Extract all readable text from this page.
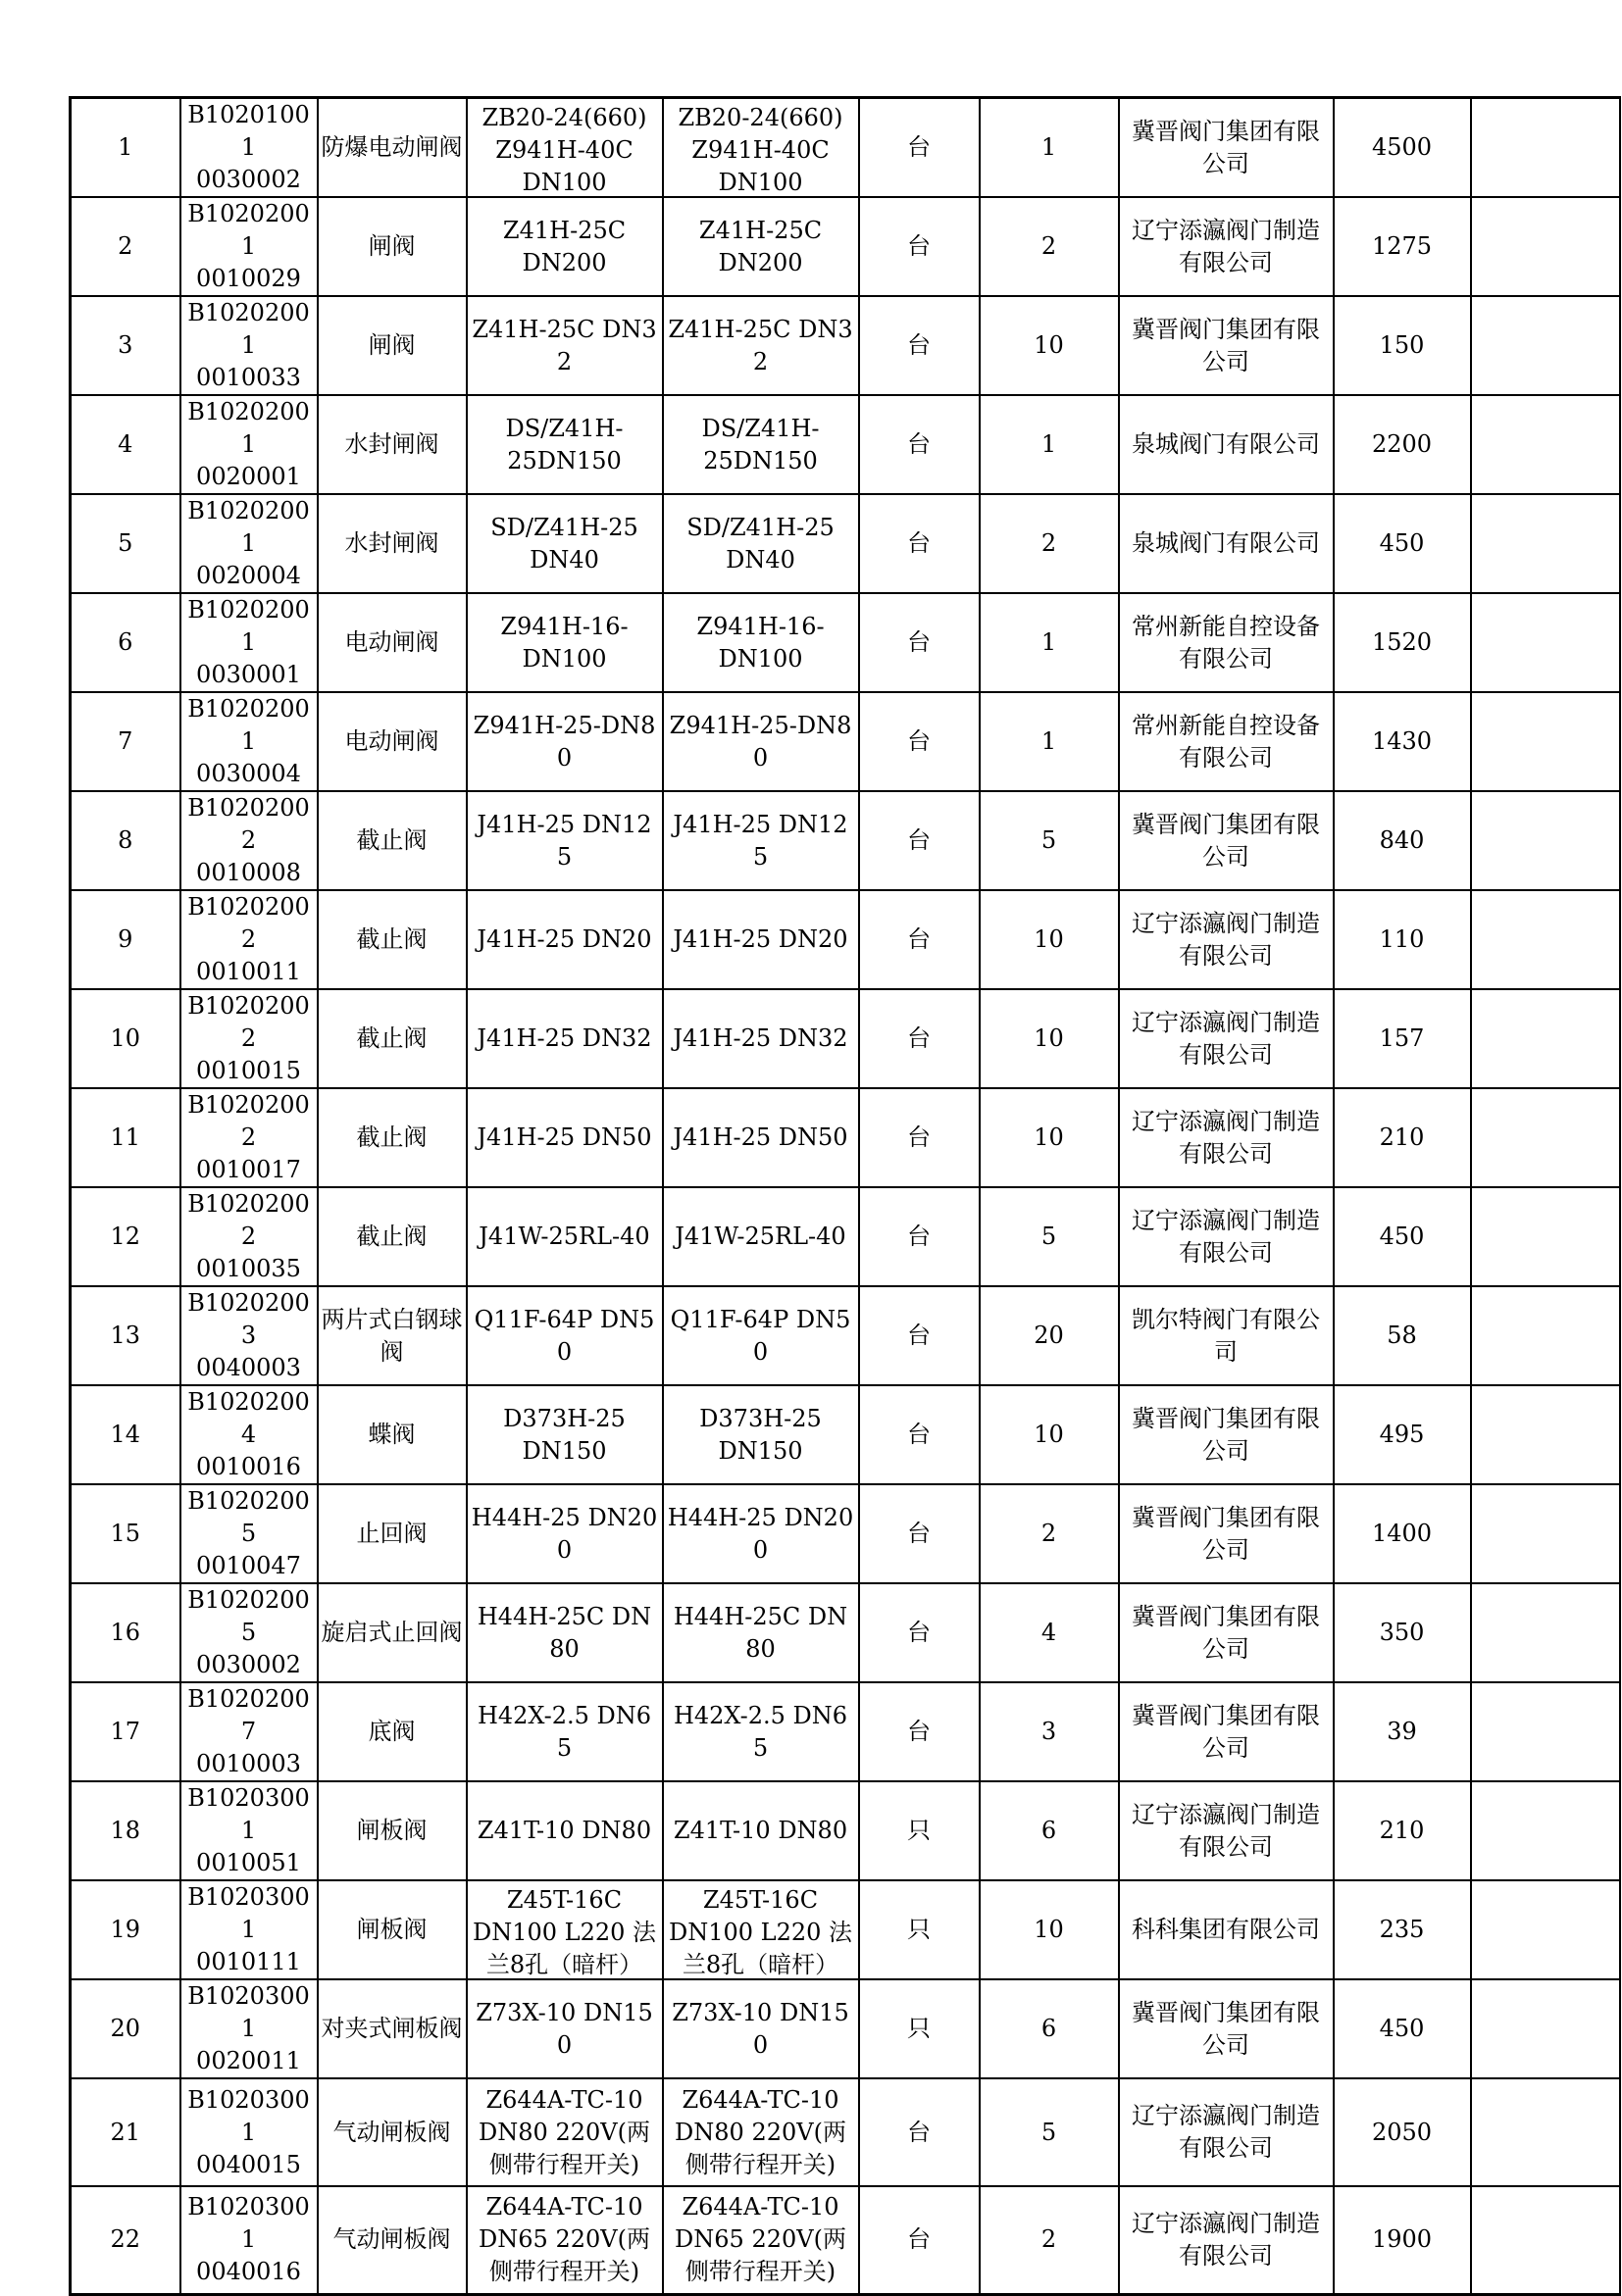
1	B10201001
0030002	防爆电动闸阀	ZB20-24(660)
Z941H-40C
DN100	ZB20-24(660)
Z941H-40C
DN100	台	1	冀晋阀门集团有限公司	4500	

2	B10202001
0010029	闸阀	Z41H-25C
DN200	Z41H-25C
DN200	台	2	辽宁添瀛阀门制造有限公司	1275	

3	B10202001
0010033	闸阀	Z41H-25C DN32	Z41H-25C DN32	台	10	冀晋阀门集团有限公司	150	

4	B10202001
0020001	水封闸阀	DS/Z41H-
25DN150	DS/Z41H-
25DN150	台	1	泉城阀门有限公司	2200	

5	B10202001
0020004	水封闸阀	SD/Z41H-25
DN40	SD/Z41H-25
DN40	台	2	泉城阀门有限公司	450	

6	B10202001
0030001	电动闸阀	Z941H-16-
DN100	Z941H-16-
DN100	台	1	常州新能自控设备有限公司	1520	

7	B10202001
0030004	电动闸阀	Z941H-25-DN80	Z941H-25-DN80	台	1	常州新能自控设备有限公司	1430	

8	B10202002
0010008	截止阀	J41H-25 DN125	J41H-25 DN125	台	5	冀晋阀门集团有限公司	840	

9	B10202002
0010011	截止阀	J41H-25 DN20	J41H-25 DN20	台	10	辽宁添瀛阀门制造有限公司	110	

10	B10202002
0010015	截止阀	J41H-25 DN32	J41H-25 DN32	台	10	辽宁添瀛阀门制造有限公司	157	

11	B10202002
0010017	截止阀	J41H-25 DN50	J41H-25 DN50	台	10	辽宁添瀛阀门制造有限公司	210	

12	B10202002
0010035	截止阀	J41W-25RL-40	J41W-25RL-40	台	5	辽宁添瀛阀门制造有限公司	450	

13	B10202003
0040003	两片式白钢球阀	Q11F-64P DN50	Q11F-64P DN50	台	20	凯尔特阀门有限公司	58	

14	B10202004
0010016	蝶阀	D373H-25
DN150	D373H-25
DN150	台	10	冀晋阀门集团有限公司	495	

15	B10202005
0010047	止回阀	H44H-25 DN200	H44H-25 DN200	台	2	冀晋阀门集团有限公司	1400	

16	B10202005
0030002	旋启式止回阀	H44H-25C DN80	H44H-25C DN80	台	4	冀晋阀门集团有限公司	350	

17	B10202007
0010003	底阀	H42X-2.5 DN65	H42X-2.5 DN65	台	3	冀晋阀门集团有限公司	39	

18	B10203001
0010051	闸板阀	Z41T-10 DN80	Z41T-10 DN80	只	6	辽宁添瀛阀门制造有限公司	210	

19	B10203001
0010111	闸板阀	Z45T-16C
DN100 L220 法兰8孔（暗杆）	Z45T-16C
DN100 L220 法兰8孔（暗杆）	只	10	科科集团有限公司	235	

20	B10203001
0020011	对夹式闸板阀	Z73X-10 DN150	Z73X-10 DN150	只	6	冀晋阀门集团有限公司	450	

21	B10203001
0040015	气动闸板阀	Z644A-TC-10
DN80 220V(两侧带行程开关)	Z644A-TC-10
DN80 220V(两侧带行程开关)	台	5	辽宁添瀛阀门制造有限公司	2050	

22	B10203001
0040016	气动闸板阀	Z644A-TC-10
DN65 220V(两侧带行程开关)	Z644A-TC-10
DN65 220V(两侧带行程开关)	台	2	辽宁添瀛阀门制造有限公司	1900	
